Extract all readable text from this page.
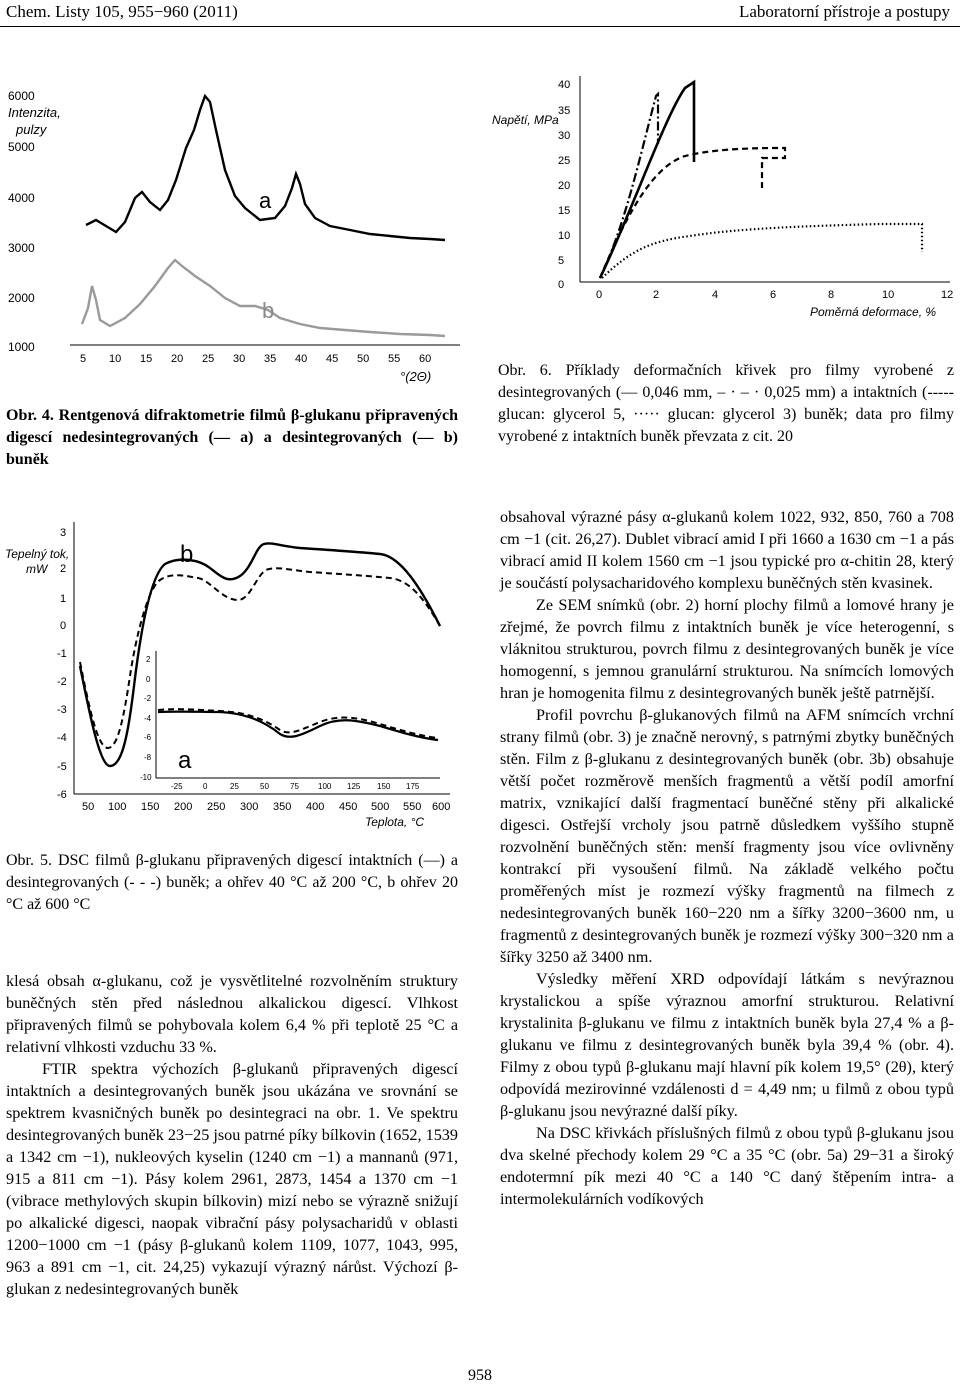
Chem. Listy 105, 955−960 (2011)	Laboratorní přístroje a postupy
6000
Intenzita,
pulzy
5000
4000
3000
2000
1000
5 10 15 20 25 30 35 40 45 50 55 60
°(2Θ)
a
b
Obr. 4. Rentgenová difraktometrie filmů β-glukanu připravených digescí nedesintegrovaných (— a) a desintegrovaných (— b) buněk
Napětí, MPa
40
35
30
25
20
15
10
5
0
0	2	4	6	8	10	12
Poměrná deformace, %
Obr. 6. Příklady deformačních křivek pro filmy vyrobené z desintegrovaných (— 0,046 mm, – · – · 0,025 mm) a intaktních (----- glucan: glycerol 5, ····· glucan: glycerol 3) buněk; data pro filmy vyrobené z intaktních buněk převzata z cit. 20
Tepelný tok,
mW
3
2
1
0
-1
-2
-3
-4
-5
-6
50 100 150 200 250 300 350 400 450 500 550 600
Teplota, °C
b
2
0
-2
-4
-6
-8
-10
-25	0	25	50	75 100 125 150 175
a
Obr. 5. DSC filmů β-glukanu připravených digescí intaktních (—) a desintegrovaných (- - -) buněk; a ohřev 40 °C až 200 °C, b ohřev 20 °C až 600 °C

klesá obsah α-glukanu, což je vysvětlitelné rozvolněním struktury buněčných stěn před následnou alkalickou digescí. Vlhkost připravených filmů se pohybovala kolem 6,4 % při teplotě 25 °C a relativní vlhkosti vzduchu 33 %.

FTIR spektra výchozích β-glukanů připravených digescí intaktních a desintegrovaných buněk jsou ukázána ve srovnání se spektrem kvasničných buněk po desintegraci na obr. 1. Ve spektru desintegrovaných buněk 23−25 jsou patrné píky bílkovin (1652, 1539 a 1342 cm −1), nukleových kyselin (1240 cm −1) a mannanů (971, 915 a 811 cm −1). Pásy kolem 2961, 2873, 1454 a 1370 cm −1 (vibrace methylových skupin bílkovin) mizí nebo se výrazně snižují po alkalické digesci, naopak vibrační pásy polysacharidů v oblasti 1200−1000 cm −1 (pásy β-glukanů kolem 1109, 1077, 1043, 995, 963 a 891 cm −1, cit. 24,25) vykazují výrazný nárůst. Výchozí β-glukan z nedesintegrovaných buněk

obsahoval výrazné pásy α-glukanů kolem 1022, 932, 850, 760 a 708 cm −1 (cit. 26,27). Dublet vibrací amid I při 1660 a 1630 cm −1 a pás vibrací amid II kolem 1560 cm −1 jsou typické pro α-chitin 28, který je součástí polysacharidového komplexu buněčných stěn kvasinek.

Ze SEM snímků (obr. 2) horní plochy filmů a lomové hrany je zřejmé, že povrch filmu z intaktních buněk je více heterogenní, s vláknitou strukturou, povrch filmu z desintegrovaných buněk je více homogenní, s jemnou granulární strukturou. Na snímcích lomových hran je homogenita filmu z desintegrovaných buněk ještě patrnější.

Profil povrchu β-glukanových filmů na AFM snímcích vrchní strany filmů (obr. 3) je značně nerovný, s patrnými zbytky buněčných stěn. Film z β-glukanu z desintegrovaných buněk (obr. 3b) obsahuje větší počet rozměrově menších fragmentů a větší podíl amorfní matrix, vznikající další fragmentací buněčné stěny při alkalické digesci. Ostřejší vrcholy jsou patrně důsledkem vyššího stupně rozvolnění buněčných stěn: menší fragmenty jsou více ovlivněny kontrakcí při vysoušení filmů. Na základě velkého počtu proměřených míst je rozmezí výšky fragmentů na filmech z nedesintegrovaných buněk 160−220 nm a šířky 3200−3600 nm, u fragmentů z desintegrovaných buněk je rozmezí výšky 300−320 nm a šířky 3250 až 3400 nm.

Výsledky měření XRD odpovídají látkám s nevýraznou krystalickou a spíše výraznou amorfní strukturou. Relativní krystalinita β-glukanu ve filmu z intaktních buněk byla 27,4 % a β-glukanu ve filmu z desintegrovaných buněk byla 39,4 % (obr. 4). Filmy z obou typů β-glukanu mají hlavní pík kolem 19,5° (2θ), který odpovídá mezirovinné vzdálenosti d = 4,49 nm; u filmů z obou typů β-glukanu jsou nevýrazné další píky.

Na DSC křivkách příslušných filmů z obou typů β-glukanu jsou dva skelné přechody kolem 29 °C a 35 °C (obr. 5a) 29−31 a široký endotermní pík mezi 40 °C a 140 °C daný štěpením intra- a intermolekulárních vodíkových

958
